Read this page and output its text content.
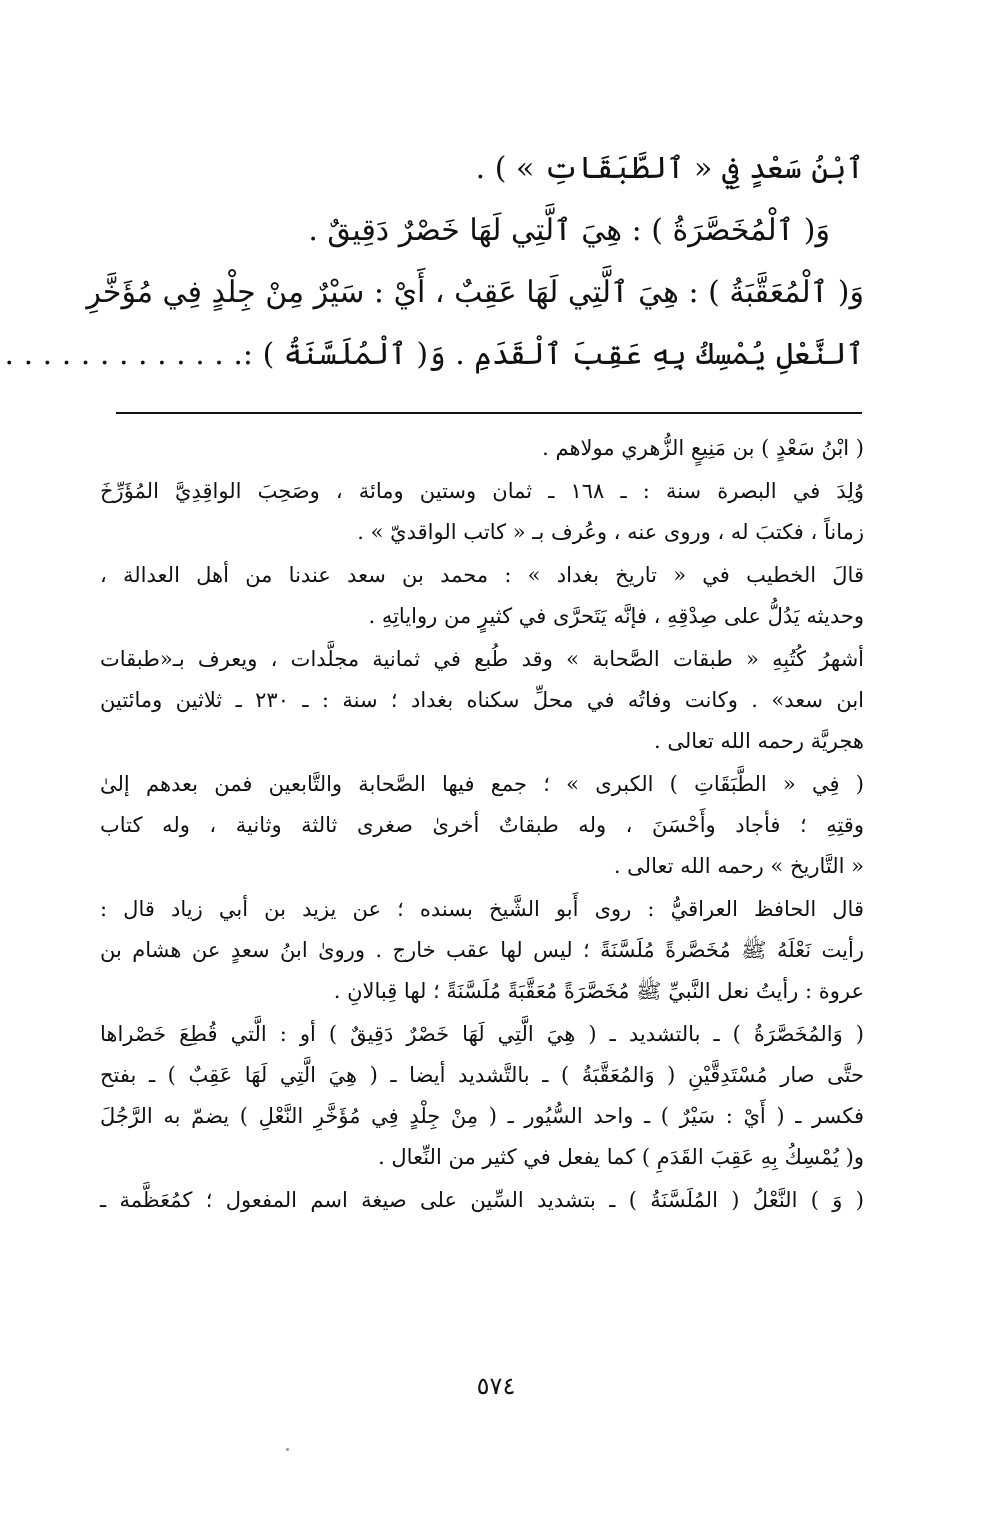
ٱبْنُ سَعْدٍ فِي « ٱلطَّبَقَاتِ » ) .

وَ( ٱلْمُخَصَّرَةُ ) : هِيَ ٱلَّتِي لَهَا خَصْرٌ دَقِيقٌ .

وَ( ٱلْمُعَقَّبَةُ ) : هِيَ ٱلَّتِي لَهَا عَقِبٌ ، أَيْ : سَيْرٌ مِنْ جِلْدٍ فِي مُؤَخَّرِ

ٱلنَّعْلِ يُمْسِكُ بِهِ عَقِبَ ٱلْقَدَمِ . وَ( ٱلْمُلَسَّنَةُ ) :
. . . . . . . . . . . . .

( ابْنُ سَعْدٍ ) بن مَنِيعٍ الزُّهري مولاهم .
وُلِدَ في البصرة سنة : ـ ١٦٨ ـ ثمان وستين ومائة ، وصَحِبَ الواقِدِيَّ المُؤَرِّخَ
زماناً ، فكتبَ له ، وروى عنه ، وعُرف بـ « كاتب الواقديّ » .
قالَ الخطيب في « تاريخ بغداد » : محمد بن سعد عندنا من أهل العدالة ،
وحديثه يَدُلُّ على صِدْقِهِ ، فإنَّه يَتَحرَّى في كثيرٍ من رواياتِهِ .
أشهرُ كُتُبِهِ « طبقات الصَّحابة » وقد طُبع في ثمانية مجلَّدات ، ويعرف بـ«طبقات
ابن سعد» . وكانت وفاتُه في محلِّ سكناه بغداد ؛ سنة : ـ ٢٣٠ ـ ثلاثين ومائتين
هجريَّة رحمه الله تعالى .
( فِي « الطَّبَقَاتِ ) الكبرى » ؛ جمع فيها الصَّحابة والتَّابعين فمن بعدهم إلىٰ
وقتِهِ ؛ فأجاد وأَحْسَنَ ، وله طبقاتٌ أخرىٰ صغرى ثالثة وثانية ، وله كتاب
« التَّاريخ » رحمه الله تعالى .
قال الحافظ العراقيُّ : روى أَبو الشَّيخ بسنده ؛ عن يزيد بن أبي زياد قال :
رأيت نَعْلَهُ ﷺ مُخَصَّرةً مُلَسَّنَةً ؛ ليس لها عقب خارج . وروىٰ ابنُ سعدٍ عن هشام بن
عروة : رأيتُ نعل النَّبيِّ ﷺ مُخَصَّرَةً مُعَقَّبَةً مُلَسَّنَةً ؛ لها قِبالانِ .
( وَالمُخَصَّرَةُ ) ـ بالتشديد ـ ( هِيَ الَّتِي لَهَا خَصْرٌ دَقِيقٌ ) أو : الَّتي قُطِعَ خَصْراها
حتَّى صار مُسْتَدِقَّيْنِ ( وَالمُعَقَّبَةُ ) ـ بالتَّشديد أيضا ـ ( هِيَ الَّتِي لَهَا عَقِبٌ ) ـ بفتح
فكسر ـ ( أَيْ : سَيْرٌ ) ـ واحد السُّيُور ـ ( مِنْ جِلْدٍ فِي مُؤَخَّرِ النَّعْلِ ) يضمّ به الرَّجُلَ
و( يُمْسِكُ بِهِ عَقِبَ القَدَمِ ) كما يفعل في كثير من النِّعال .
( وَ ) النَّعْلُ ( المُلَسَّنَةُ ) ـ بتشديد السِّين على صيغة اسم المفعول ؛ كمُعَظَّمة ـ
٥٧٤
